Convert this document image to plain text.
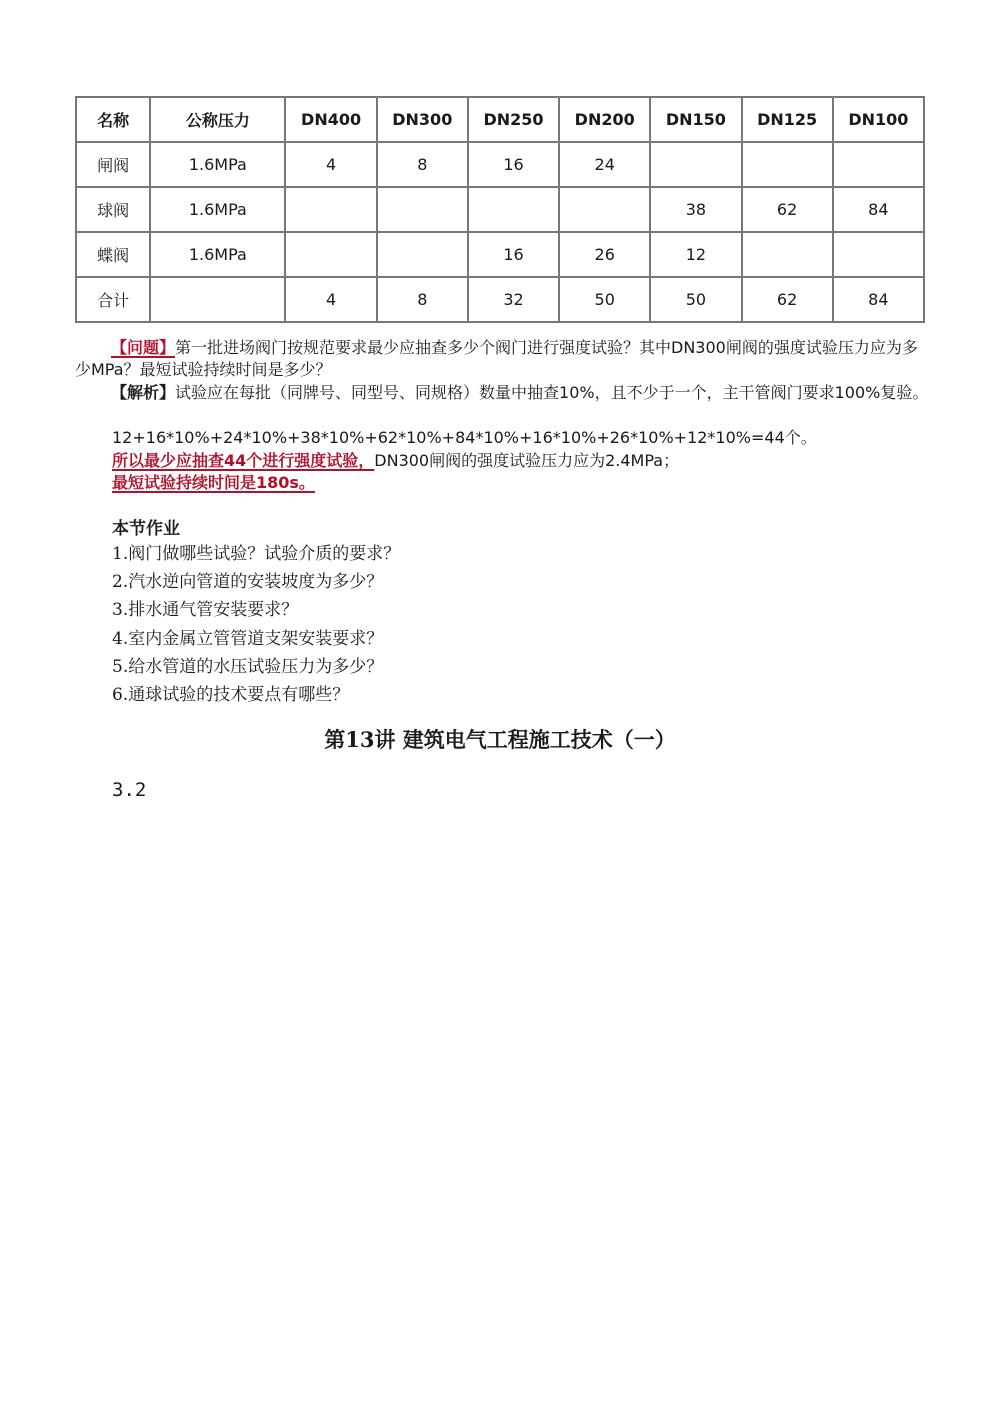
名称	公称压力	DN400	DN300	DN250	DN200	DN150	DN125	DN100
闸阀	1.6MPa	4	8	16	24			
球阀	1.6MPa					38	62	84
蝶阀	1.6MPa			16	26	12		
合计		4	8	32	50	50	62	84
【问题】第一批进场阀门按规范要求最少应抽查多少个阀门进行强度试验？其中DN300闸阀的强度试验压力应为多少MPa？最短试验持续时间是多少？
【解析】试验应在每批（同牌号、同型号、同规格）数量中抽查10%，且不少于一个，主干管阀门要求100%复验。
12+16*10%+24*10%+38*10%+62*10%+84*10%+16*10%+26*10%+12*10%=44个。
所以最少应抽查44个进行强度试验，DN300闸阀的强度试验压力应为2.4MPa；
最短试验持续时间是180s。
本节作业
1.阀门做哪些试验？试验介质的要求？
2.汽水逆向管道的安装坡度为多少？
3.排水通气管安装要求？
4.室内金属立管管道支架安装要求？
5.给水管道的水压试验压力为多少？
6.通球试验的技术要点有哪些？
第13讲 建筑电气工程施工技术（一）
3.2
